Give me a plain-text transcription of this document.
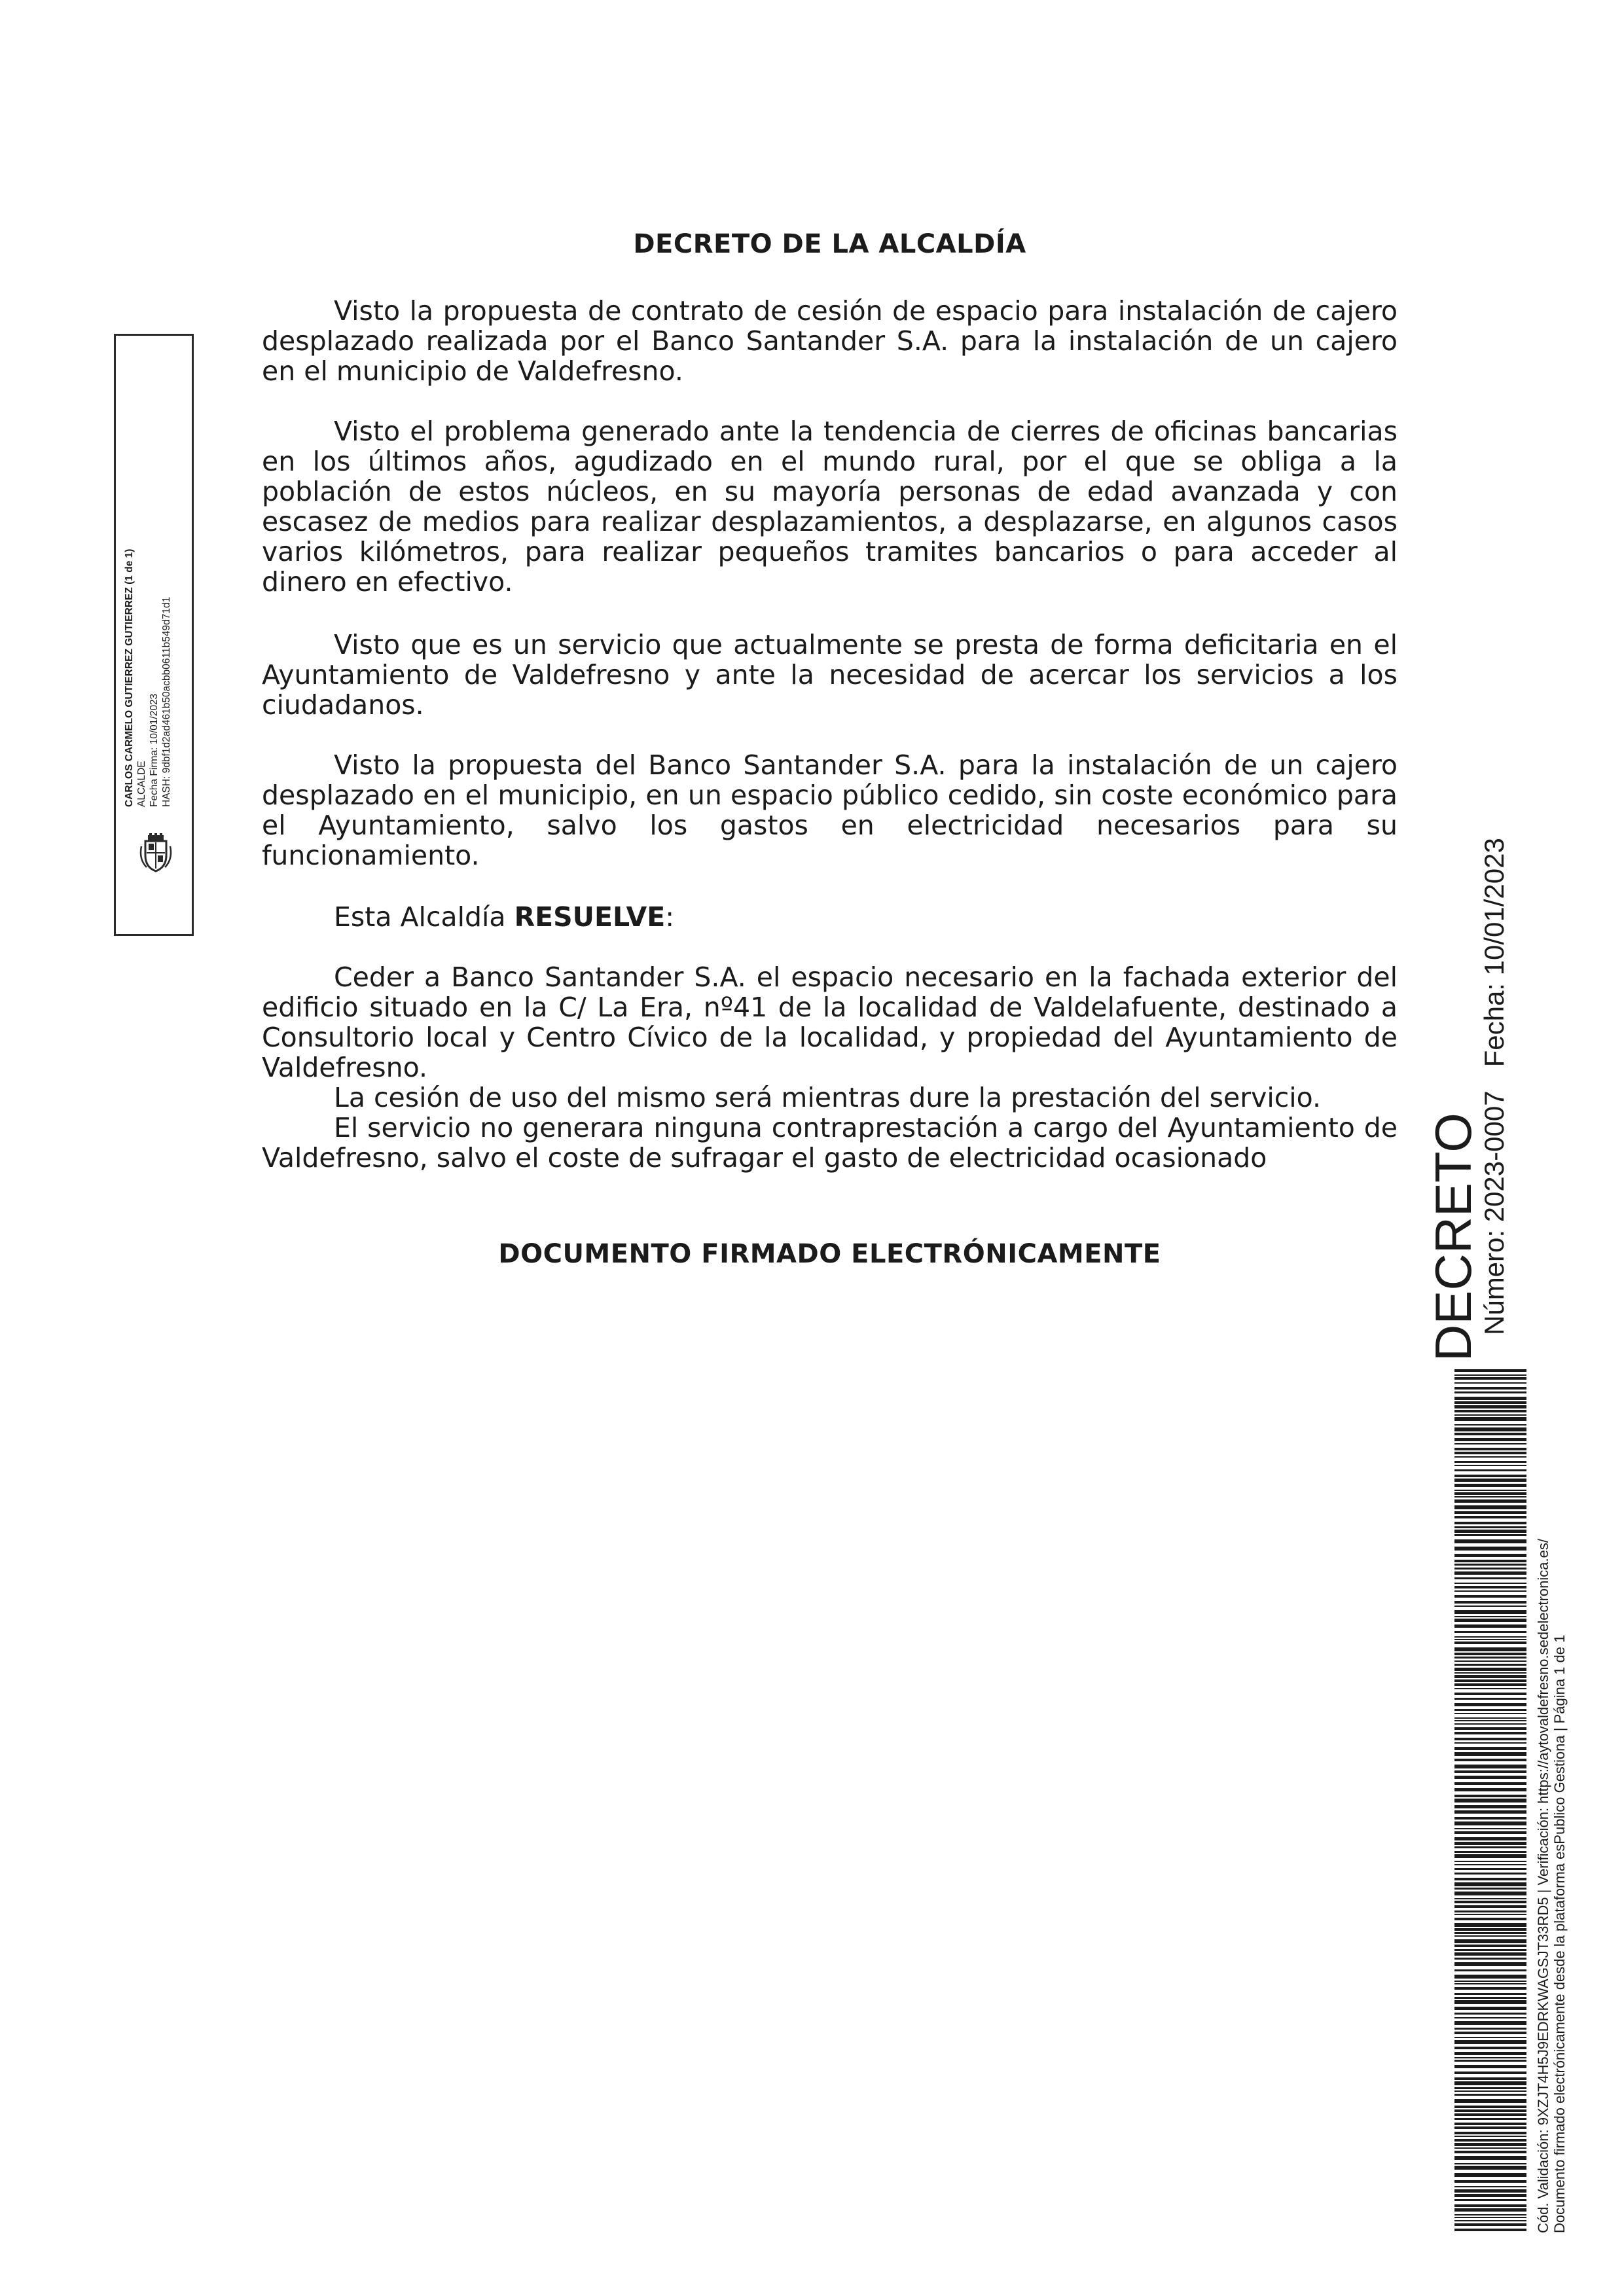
DECRETO DE LA ALCALDÍA

Visto la propuesta de contrato de cesión de espacio para instalación de cajero desplazado realizada por el Banco Santander S.A. para la instalación de un cajero en el municipio de Valdefresno.

Visto el problema generado ante la tendencia de cierres de oficinas bancarias en los últimos años, agudizado en el mundo rural, por el que se obliga a la población de estos núcleos, en su mayoría personas de edad avanzada y con escasez de medios para realizar desplazamientos, a desplazarse, en algunos casos varios kilómetros, para realizar pequeños tramites bancarios o para acceder al dinero en efectivo.

Visto que es un servicio que actualmente se presta de forma deficitaria en el Ayuntamiento de Valdefresno y ante la necesidad de acercar los servicios a los ciudadanos.

Visto la propuesta del Banco Santander S.A. para la instalación de un cajero desplazado en el municipio, en un espacio público cedido, sin coste económico para el Ayuntamiento, salvo los gastos en electricidad necesarios para su funcionamiento.

Esta Alcaldía RESUELVE:

Ceder a Banco Santander S.A. el espacio necesario en la fachada exterior del edificio situado en la C/ La Era, nº41 de la localidad de Valdelafuente, destinado a Consultorio local y Centro Cívico de la localidad, y propiedad del Ayuntamiento de Valdefresno.

La cesión de uso del mismo será mientras dure la prestación del servicio.

El servicio no generara ninguna contraprestación a cargo del Ayuntamiento de Valdefresno, salvo el coste de sufragar el gasto de electricidad ocasionado

DOCUMENTO FIRMADO ELECTRÓNICAMENTE

CARLOS CARMELO GUTIERREZ GUTIERREZ (1 de 1) ALCALDE Fecha Firma: 10/01/2023 HASH: 9dbf1d2ad461b50acbb0611b549d71d1
DECRETO
Número: 2023-0007Fecha: 10/01/2023
Cód. Validación: 9XZJT4H5J9EDRKWAGSJT33RD5 | Verificación: https://aytovaldefresno.sedelectronica.es/ Documento firmado electrónicamente desde la plataforma esPublico Gestiona | Página 1 de 1
